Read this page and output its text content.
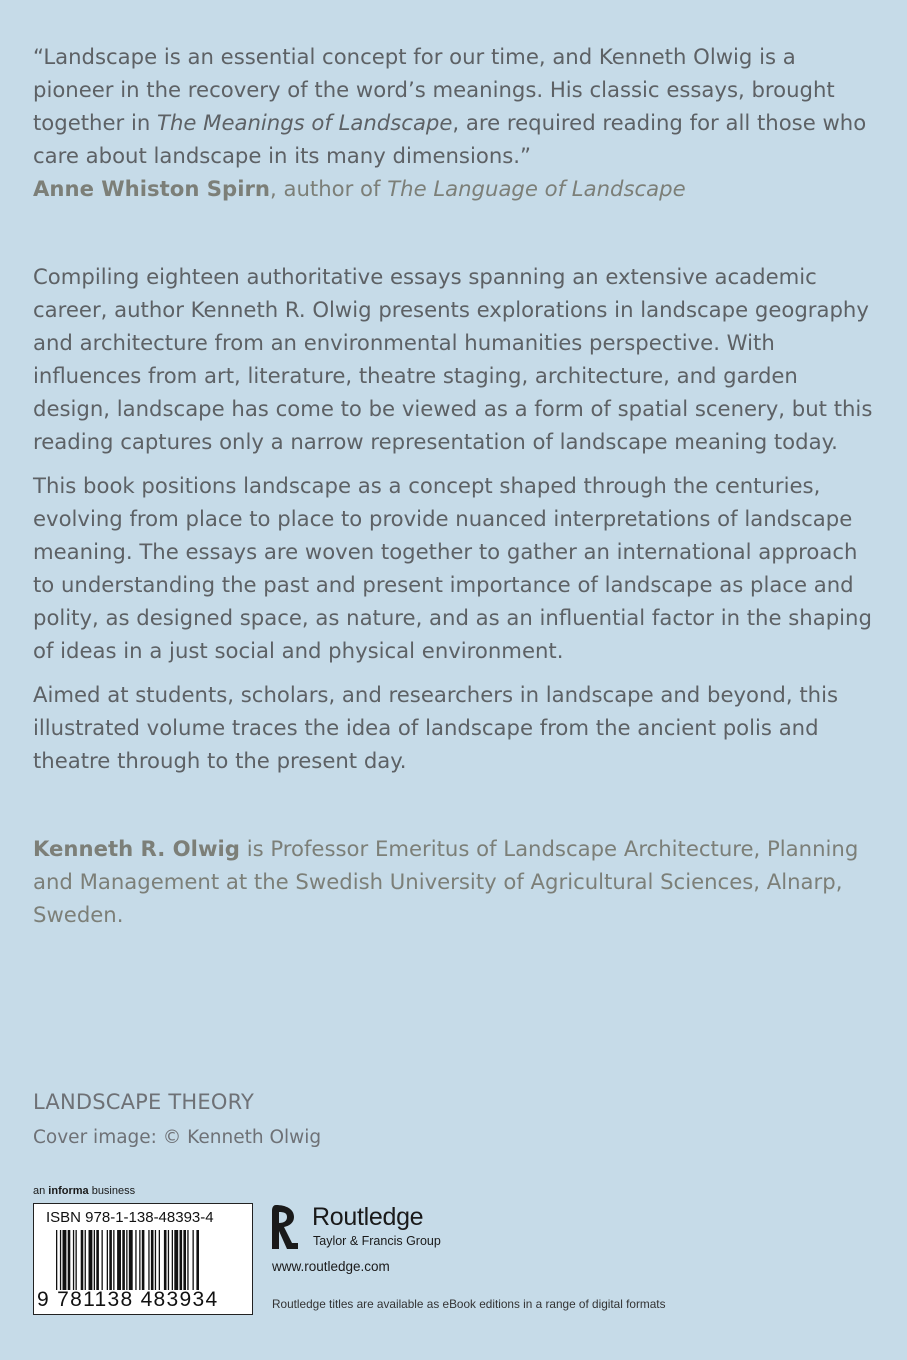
“Landscape is an essential concept for our time, and Kenneth Olwig is a pioneer in the recovery of the word’s meanings. His classic essays, brought together in The Meanings of Landscape, are required reading for all those who care about landscape in its many dimensions.”

Anne Whiston Spirn, author of The Language of Landscape

Compiling eighteen authoritative essays spanning an extensive academic career, author Kenneth R. Olwig presents explorations in landscape geography and architecture from an environmental humanities perspective. With influences from art, literature, theatre staging, architecture, and garden design, landscape has come to be viewed as a form of spatial scenery, but this reading captures only a narrow representation of landscape meaning today.

This book positions landscape as a concept shaped through the centuries, evolving from place to place to provide nuanced interpretations of landscape meaning. The essays are woven together to gather an international approach to understanding the past and present importance of landscape as place and polity, as designed space, as nature, and as an influential factor in the shaping of ideas in a just social and physical environment.

Aimed at students, scholars, and researchers in landscape and beyond, this illustrated volume traces the idea of landscape from the ancient polis and theatre through to the present day.

Kenneth R. Olwig is Professor Emeritus of Landscape Architecture, Planning and Management at the Swedish University of Agricultural Sciences, Alnarp, Sweden.
LANDSCAPE THEORY
Cover image: © Kenneth Olwig
an informa business
ISBN 978-1-138-48393-4
9 781138 483934
Routledge
Taylor & Francis Group
www.routledge.com
Routledge titles are available as eBook editions in a range of digital formats
